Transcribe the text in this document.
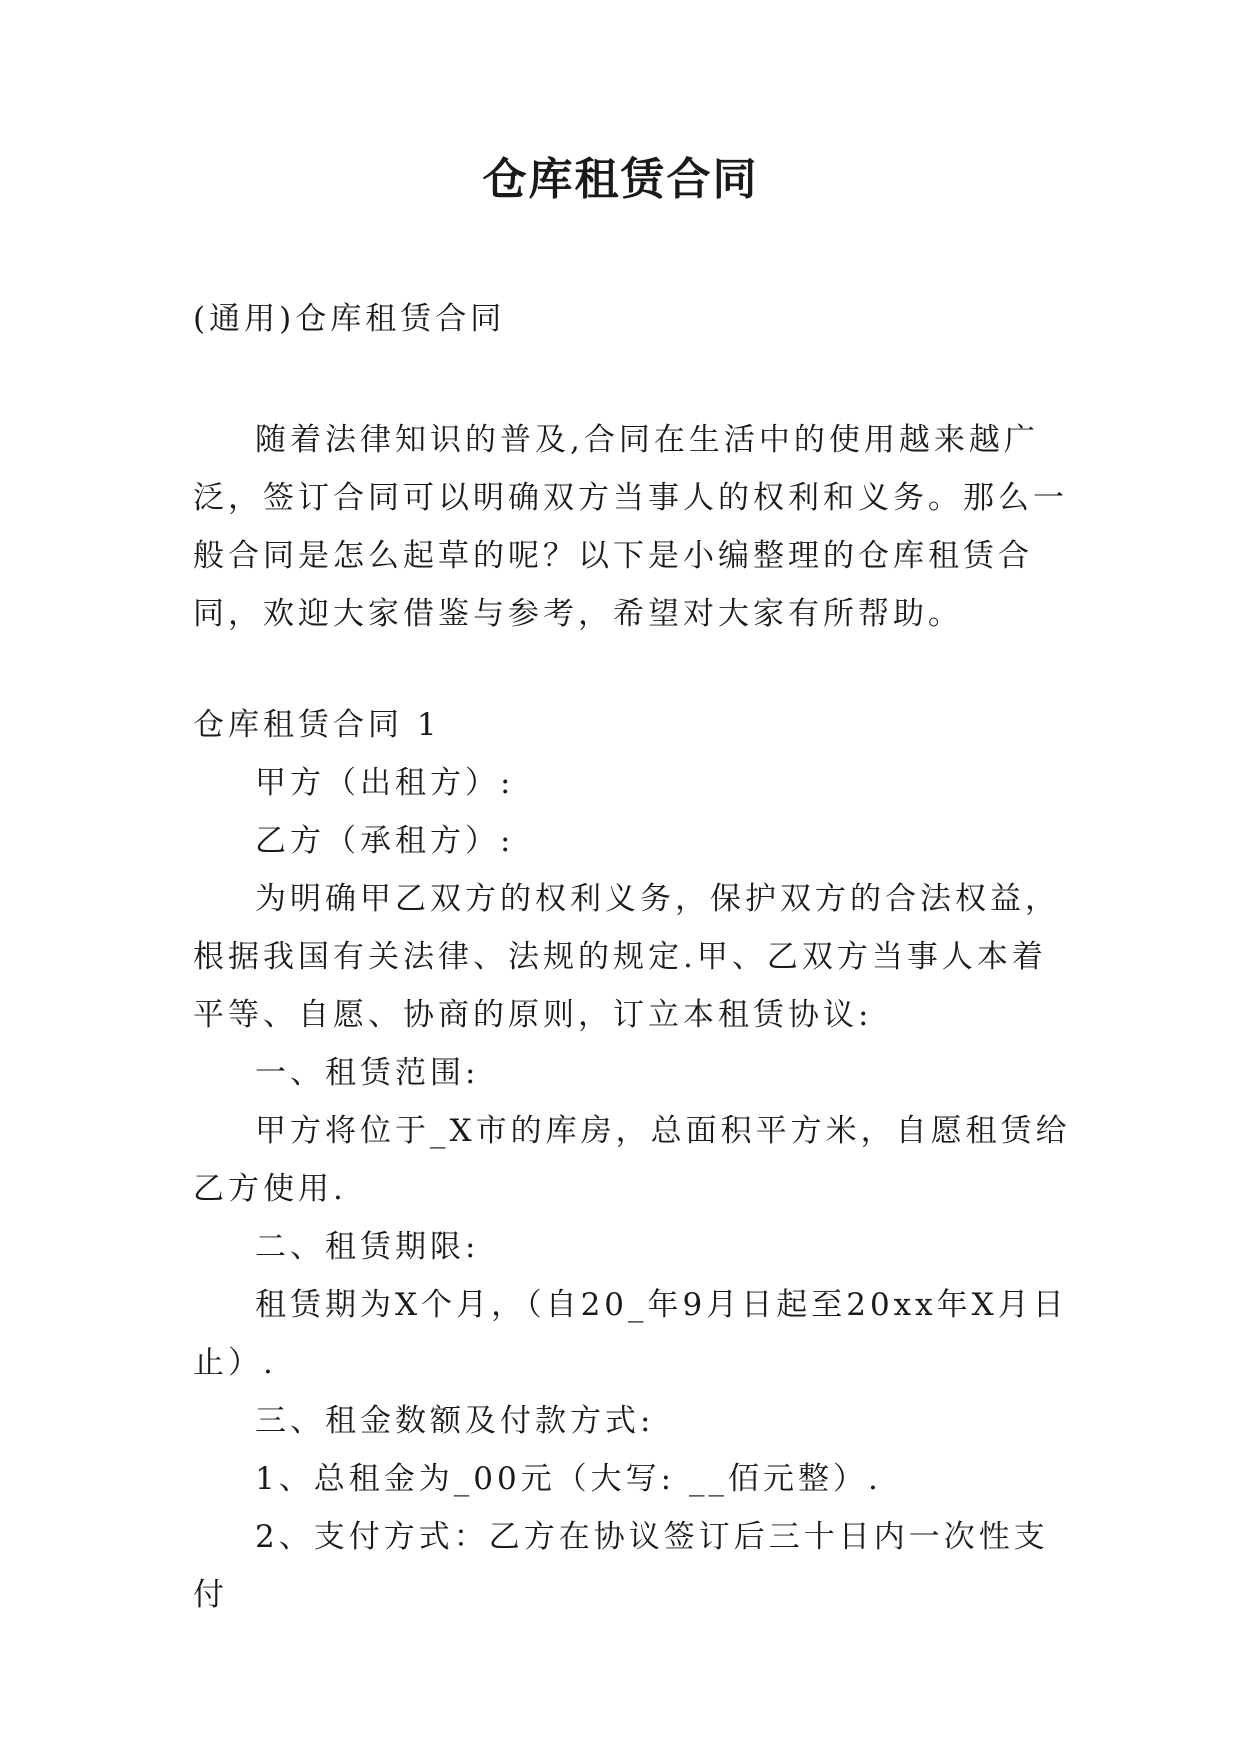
仓库租赁合同
(通用)仓库租赁合同
随着法律知识的普及,合同在生活中的使用越来越广泛，签订合同可以明确双方当事人的权利和义务。那么一般合同是怎么起草的呢？以下是小编整理的仓库租赁合同，欢迎大家借鉴与参考，希望对大家有所帮助。

仓库租赁合同 1

甲方（出租方）:

乙方（承租方）:

为明确甲乙双方的权利义务，保护双方的合法权益，根据我国有关法律、法规的规定.甲、乙双方当事人本着平等、自愿、协商的原则，订立本租赁协议:

一、租赁范围:

甲方将位于_X市的库房，总面积平方米，自愿租赁给乙方使用.

二、租赁期限:

租赁期为X个月，（自20_年9月日起至20xx年X月日止）.

三、租金数额及付款方式:

1、总租金为_00元（大写: __佰元整）.

2、支付方式：乙方在协议签订后三十日内一次性支付
